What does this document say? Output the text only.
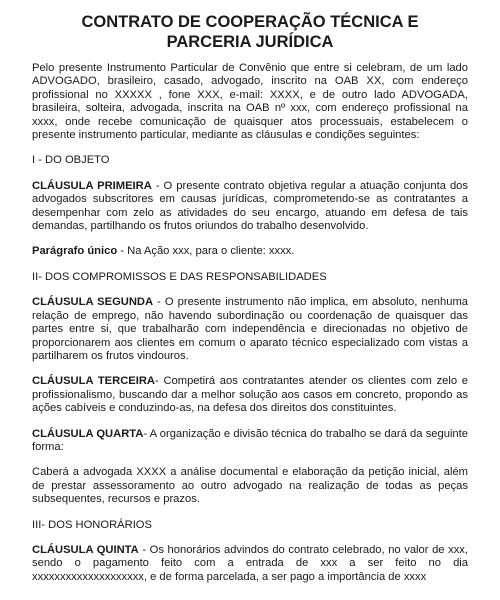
CONTRATO DE COOPERAÇÃO TÉCNICA E PARCERIA JURÍDICA

Pelo presente Instrumento Particular de Convênio que entre si celebram, de um lado ADVOGADO, brasileiro, casado, advogado, inscrito na OAB XX, com endereço profissional no XXXXX , fone XXX, e-mail: XXXX, e de outro lado ADVOGADA, brasileira, solteira, advogada, inscrita na OAB nº xxx, com endereço profissional na xxxx, onde recebe comunicação de quaisquer atos processuais, estabelecem o presente instrumento particular, mediante as cláusulas e condições seguintes:

I - DO OBJETO

CLÁUSULA PRIMEIRA - O presente contrato objetiva regular a atuação conjunta dos advogados subscritores em causas jurídicas, comprometendo-se as contratantes a desempenhar com zelo as atividades do seu encargo, atuando em defesa de tais demandas, partilhando os frutos oriundos do trabalho desenvolvido.

Parágrafo único - Na Ação xxx, para o cliente: xxxx.

II- DOS COMPROMISSOS E DAS RESPONSABILIDADES

CLÁUSULA SEGUNDA - O presente instrumento não implica, em absoluto, nenhuma relação de emprego, não havendo subordinação ou coordenação de quaisquer das partes entre si, que trabalharão com independência e direcionadas no objetivo de proporcionarem aos clientes em comum o aparato técnico especializado com vistas a partilharem os frutos vindouros.

CLÁUSULA TERCEIRA- Competirá aos contratantes atender os clientes com zelo e profissionalismo, buscando dar a melhor solução aos casos em concreto, propondo as ações cabíveis e conduzindo-as, na defesa dos direitos dos constituintes.

CLÁUSULA QUARTA- A organização e divisão técnica do trabalho se dará da seguinte forma:

Caberá a advogada XXXX a análise documental e elaboração da petição inicial, além de prestar assessoramento ao outro advogado na realização de todas as peças subsequentes, recursos e prazos.

III- DOS HONORÁRIOS

CLÁUSULA QUINTA - Os honorários advindos do contrato celebrado, no valor de xxx, sendo o pagamento feito com a entrada de xxx a ser feito no dia xxxxxxxxxxxxxxxxxxxx, e de forma parcelada, a ser pago a importância de xxxx
